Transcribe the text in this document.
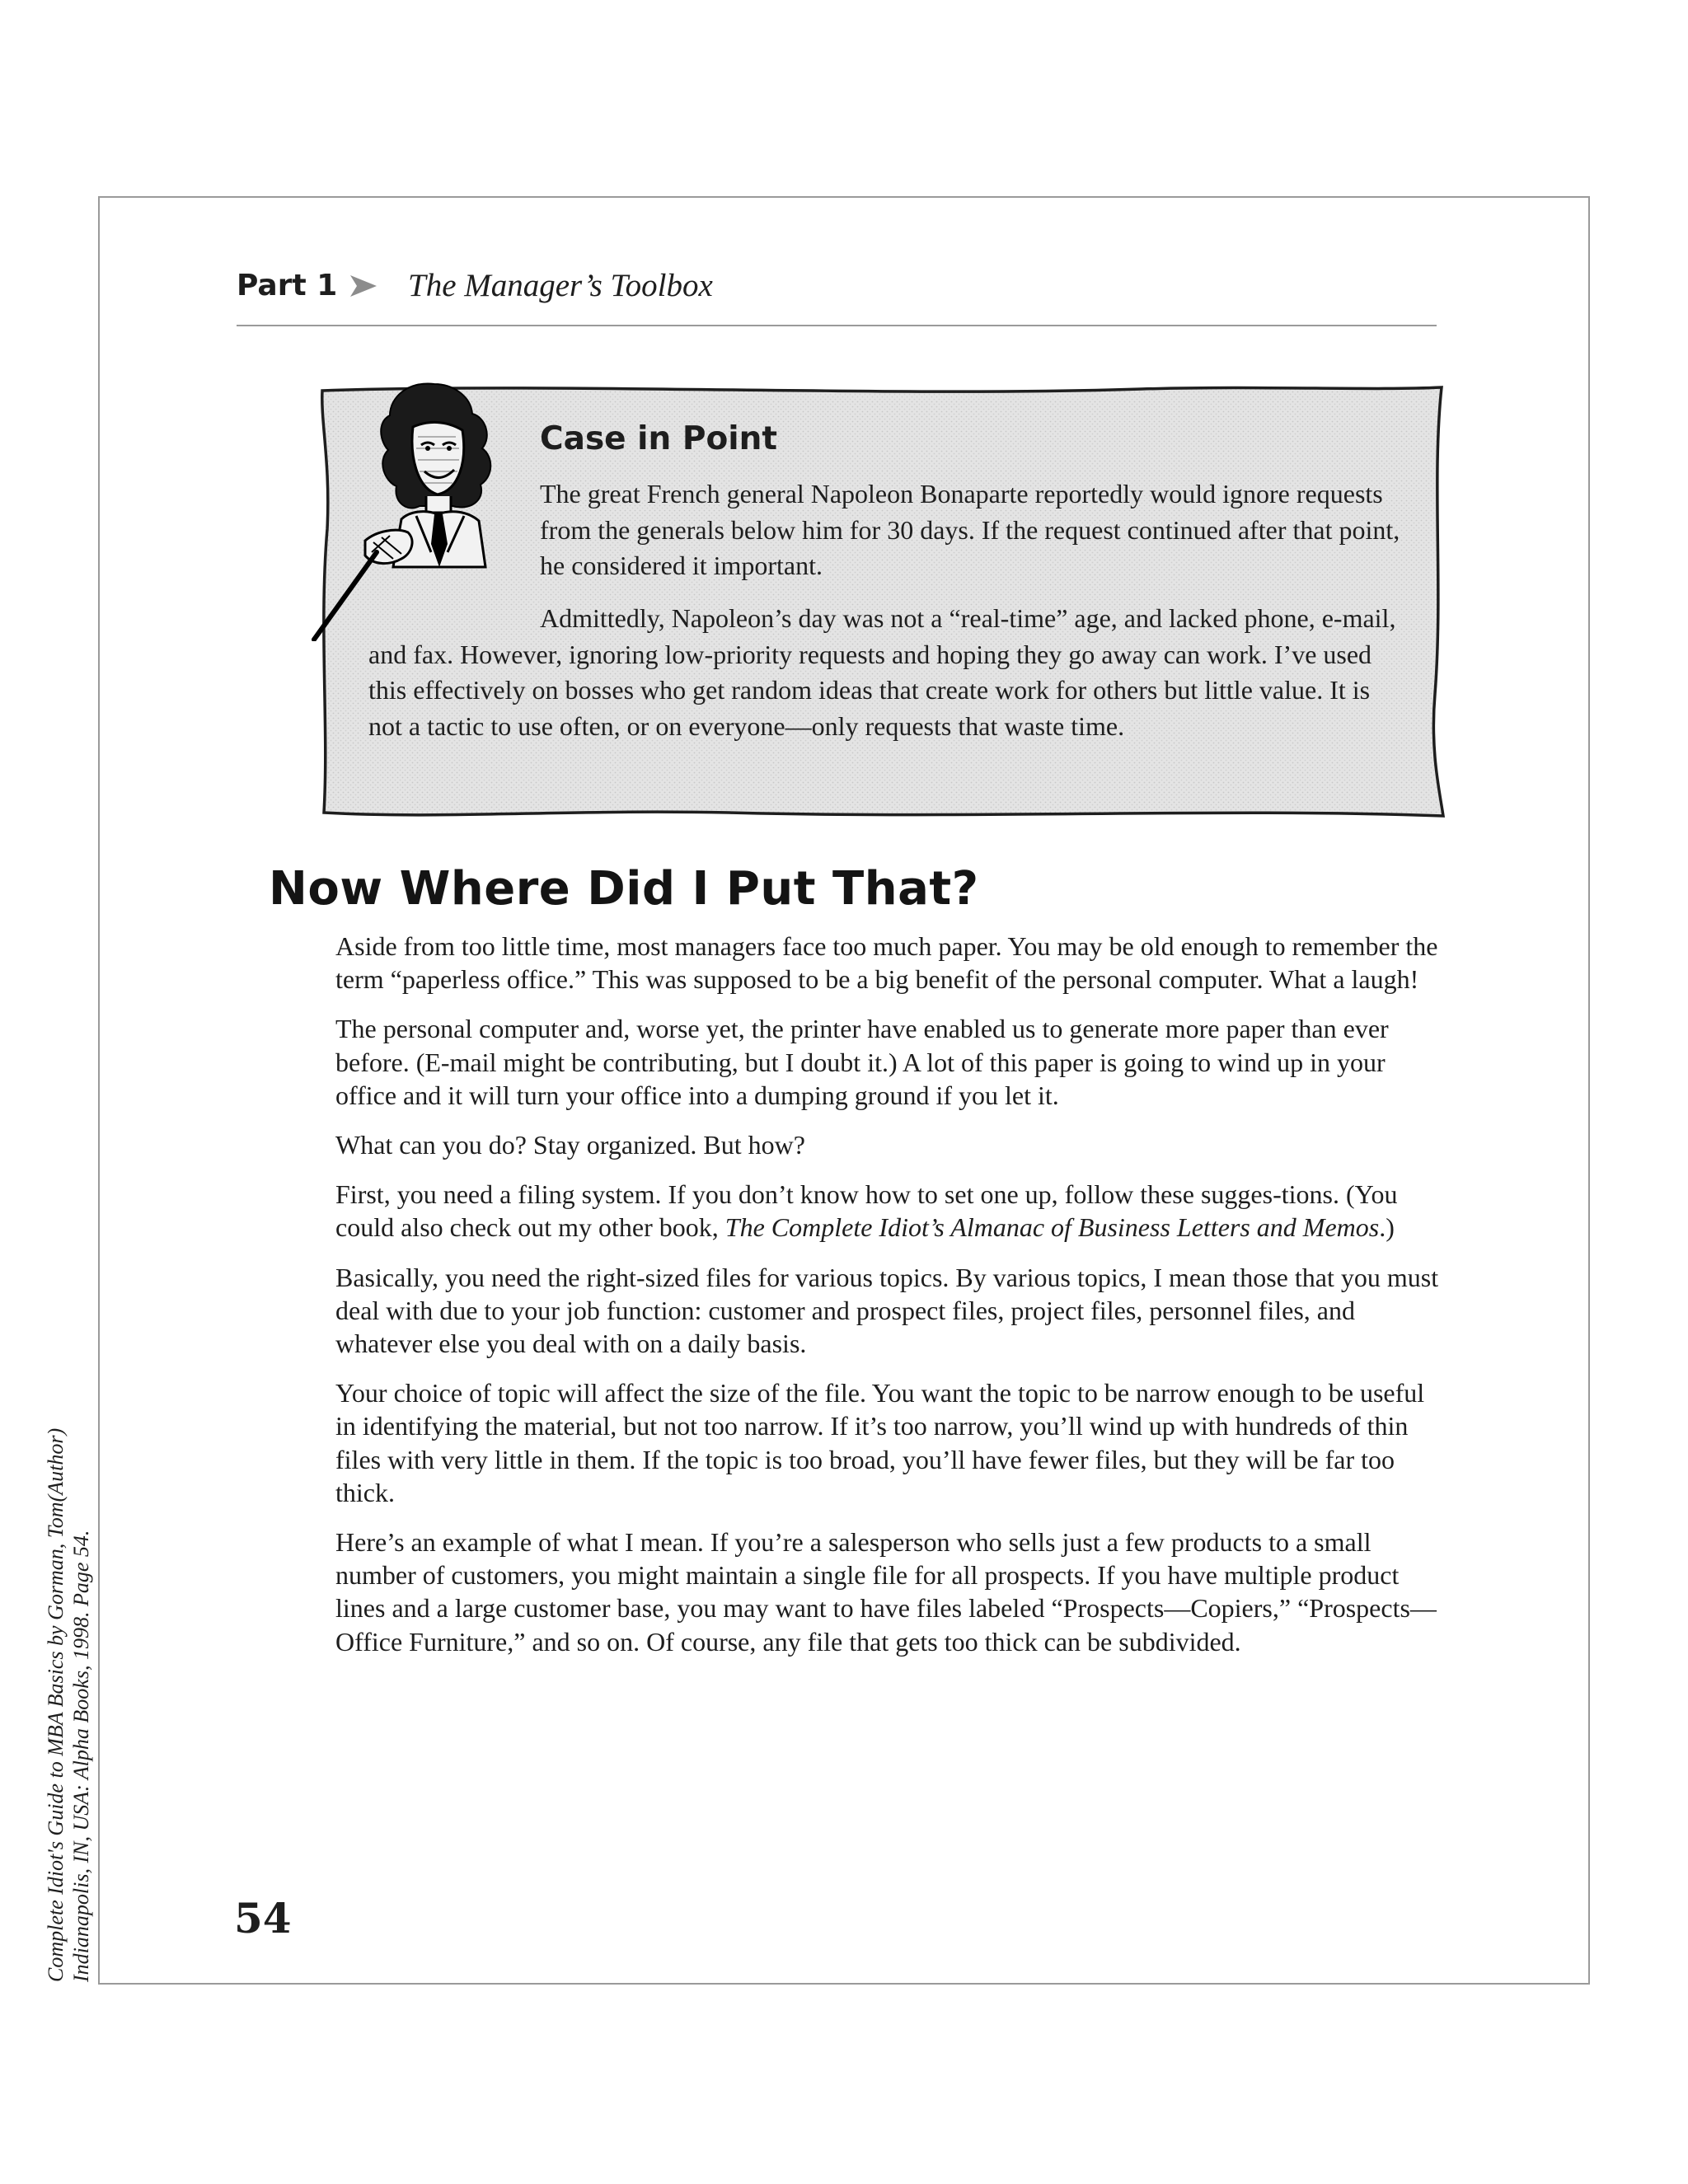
Part 1 The Manager’s Toolbox
Case in Point

The great French general Napoleon Bonaparte reportedly would ignore requests from the generals below him for 30 days. If the request continued after that point, he considered it important.

Admittedly, Napoleon’s day was not a “real-time” age, and lacked phone, e-mail, and fax. However, ignoring low-priority requests and hoping they go away can work. I’ve used this effectively on bosses who get random ideas that create work for others but little value. It is not a tactic to use often, or on everyone—only requests that waste time.

Now Where Did I Put That?

Aside from too little time, most managers face too much paper. You may be old enough to remember the term “paperless office.” This was supposed to be a big benefit of the personal computer. What a laugh!

The personal computer and, worse yet, the printer have enabled us to generate more paper than ever before. (E-mail might be contributing, but I doubt it.) A lot of this paper is going to wind up in your office and it will turn your office into a dumping ground if you let it.

What can you do? Stay organized. But how?

First, you need a filing system. If you don’t know how to set one up, follow these sugges-tions. (You could also check out my other book, The Complete Idiot’s Almanac of Business Letters and Memos.)

Basically, you need the right-sized files for various topics. By various topics, I mean those that you must deal with due to your job function: customer and prospect files, project files, personnel files, and whatever else you deal with on a daily basis.

Your choice of topic will affect the size of the file. You want the topic to be narrow enough to be useful in identifying the material, but not too narrow. If it’s too narrow, you’ll wind up with hundreds of thin files with very little in them. If the topic is too broad, you’ll have fewer files, but they will be far too thick.

Here’s an example of what I mean. If you’re a salesperson who sells just a few products to a small number of customers, you might maintain a single file for all prospects. If you have multiple product lines and a large customer base, you may want to have files labeled “Prospects—Copiers,” “Prospects—Office Furniture,” and so on. Of course, any file that gets too thick can be subdivided.

54
Complete Idiot's Guide to MBA Basics by Gorman, Tom(Author) Indianapolis, IN, USA: Alpha Books, 1998. Page 54.
